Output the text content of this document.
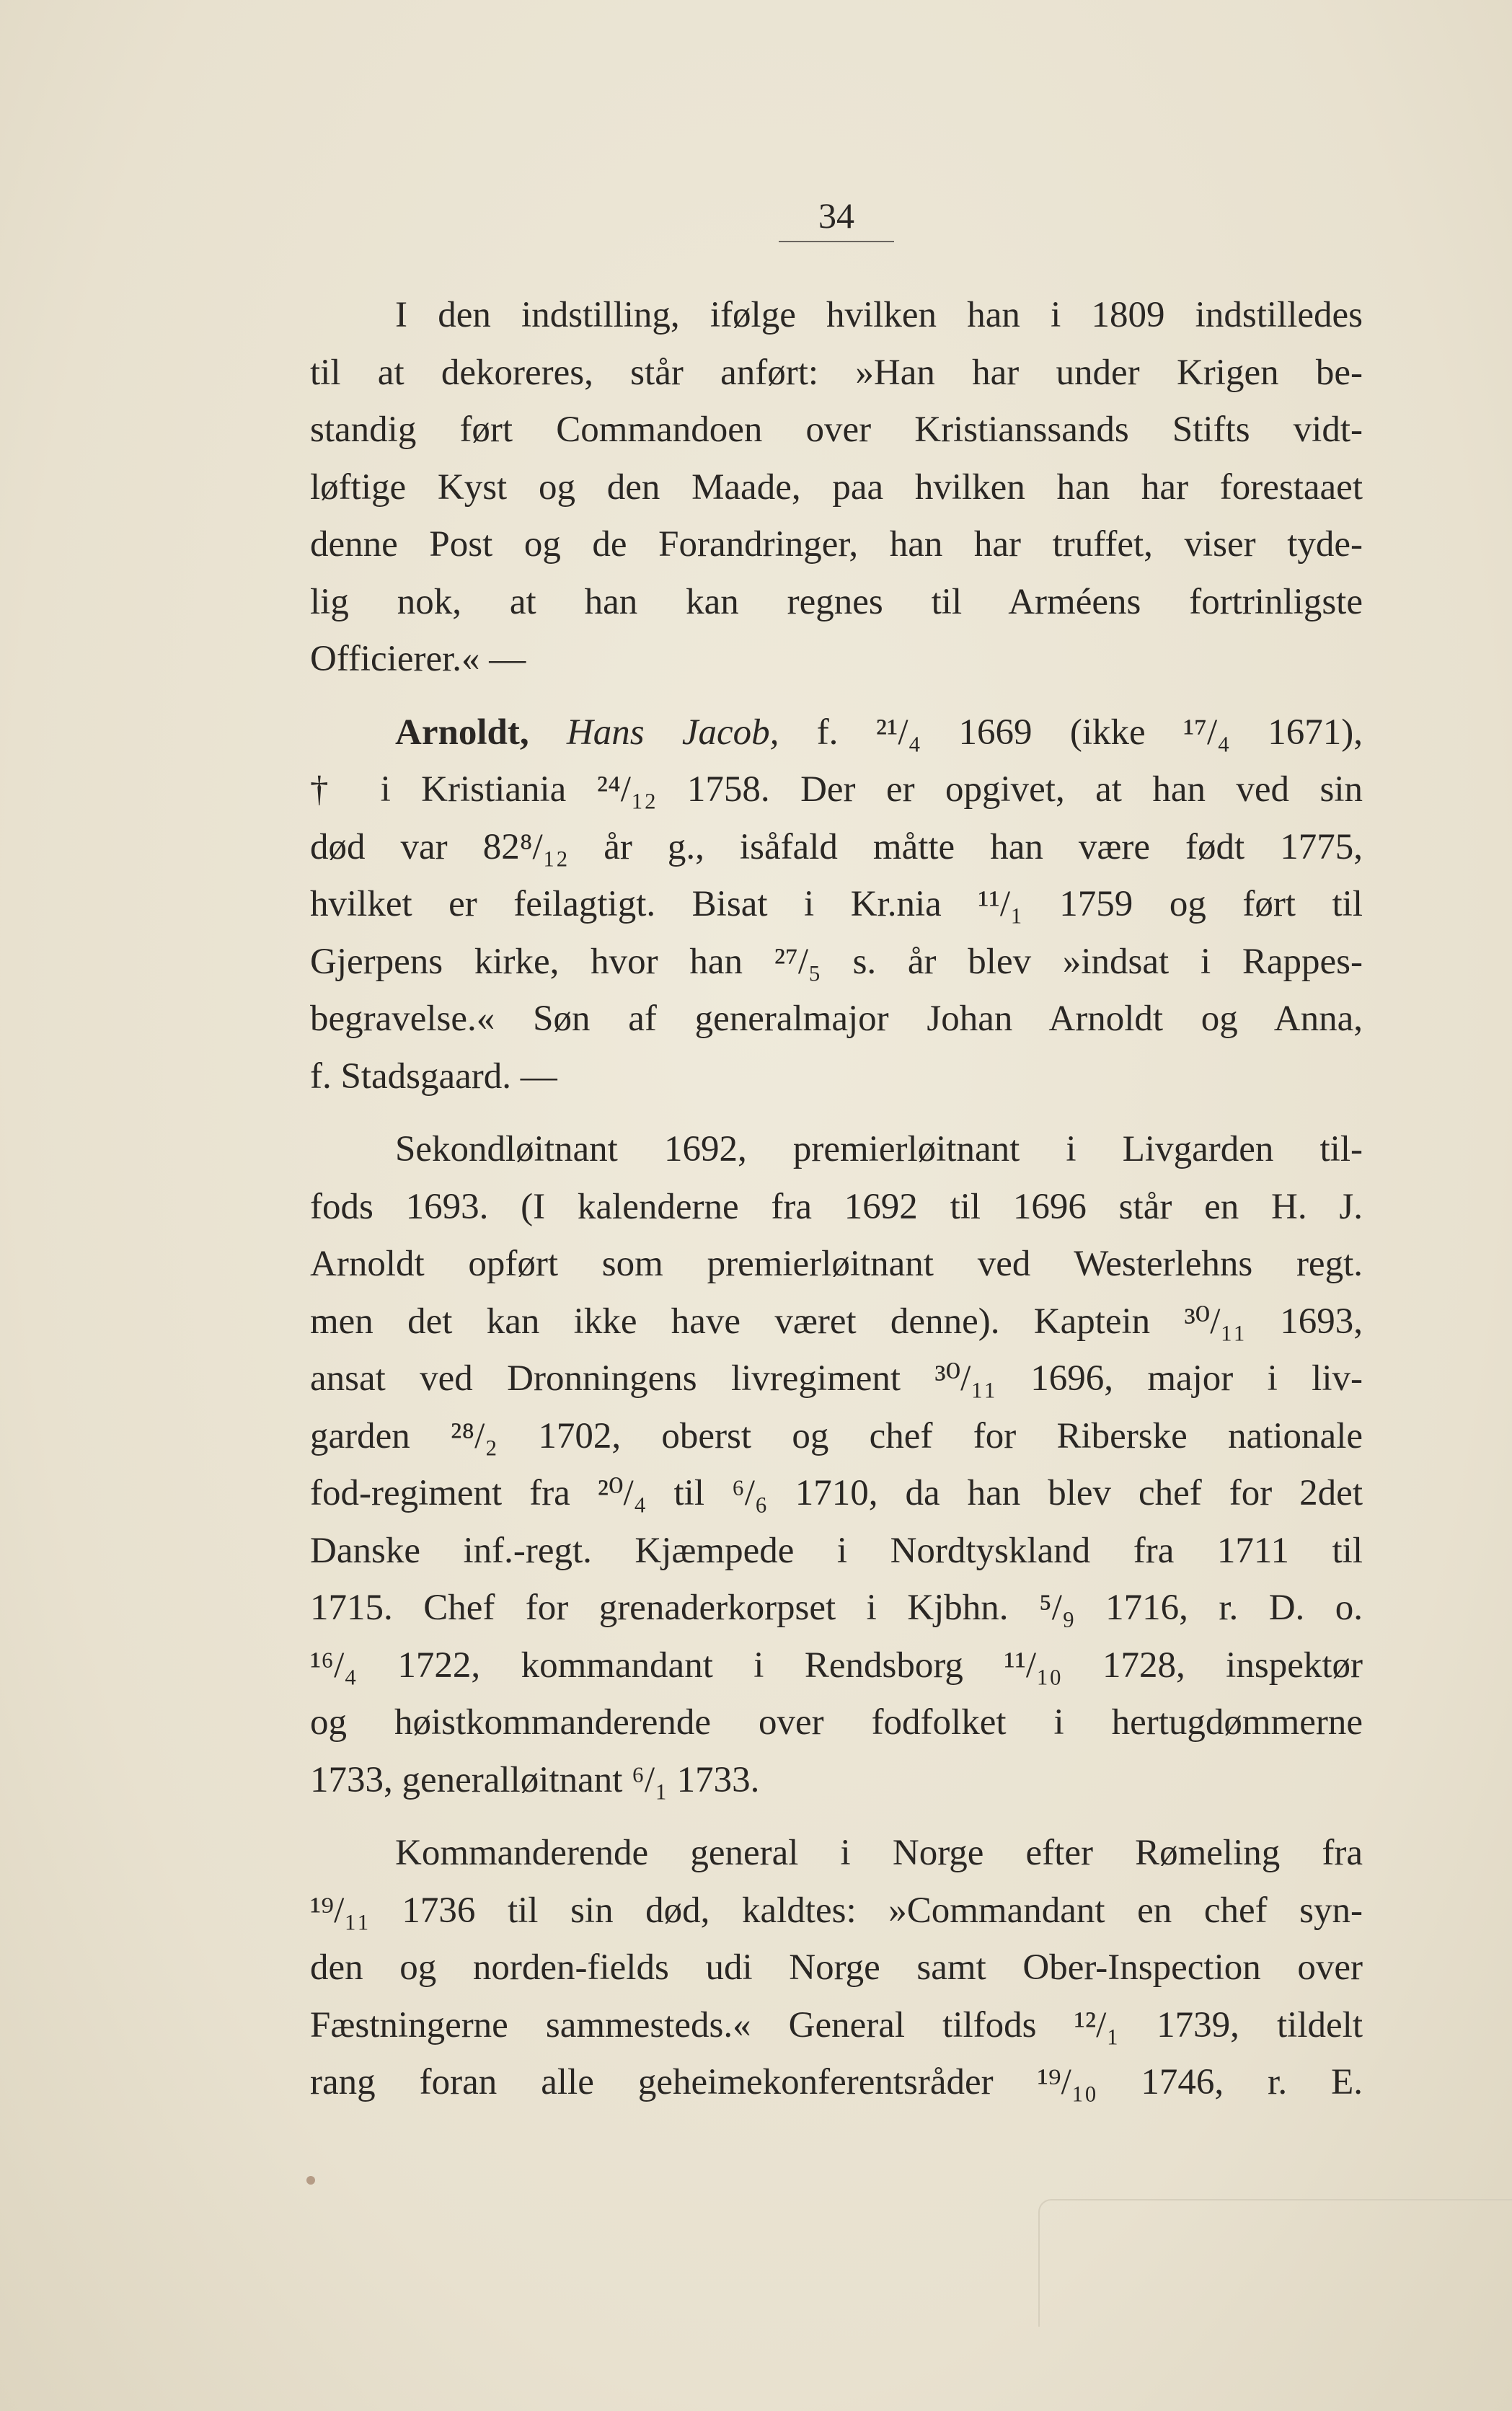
34
I den indstilling, ifølge hvilken han i 1809 indstilledes
til at dekoreres, står anført: »Han har under Krigen be-
standig ført Commandoen over Kristianssands Stifts vidt-
løftige Kyst og den Maade, paa hvilken han har forestaaet
denne Post og de Forandringer, han har truffet, viser tyde-
lig nok, at han kan regnes til Arméens fortrinligste
Officierer.« —
Arnoldt, Hans Jacob, f. ²¹/₄ 1669 (ikke ¹⁷/₄ 1671),
† i Kristiania ²⁴/₁₂ 1758. Der er opgivet, at han ved sin
død var 82⁸/₁₂ år g., isåfald måtte han være født 1775,
hvilket er feilagtigt. Bisat i Kr.nia ¹¹/₁ 1759 og ført til
Gjerpens kirke, hvor han ²⁷/₅ s. år blev »indsat i Rappes-
begravelse.« Søn af generalmajor Johan Arnoldt og Anna,
f. Stadsgaard. —
Sekondløitnant 1692, premierløitnant i Livgarden til-
fods 1693. (I kalenderne fra 1692 til 1696 står en H. J.
Arnoldt opført som premierløitnant ved Westerlehns regt.
men det kan ikke have været denne). Kaptein ³⁰/₁₁ 1693,
ansat ved Dronningens livregiment ³⁰/₁₁ 1696, major i liv-
garden ²⁸/₂ 1702, oberst og chef for Riberske nationale
fod-regiment fra ²⁰/₄ til ⁶/₆ 1710, da han blev chef for 2det
Danske inf.-regt. Kjæmpede i Nordtyskland fra 1711 til
1715. Chef for grenaderkorpset i Kjbhn. ⁵/₉ 1716, r. D. o.
¹⁶/₄ 1722, kommandant i Rendsborg ¹¹/₁₀ 1728, inspektør
og høistkommanderende over fodfolket i hertugdømmerne
1733, generalløitnant ⁶/₁ 1733.
Kommanderende general i Norge efter Rømeling fra
¹⁹/₁₁ 1736 til sin død, kaldtes: »Commandant en chef syn-
den og norden-fields udi Norge samt Ober-Inspection over
Fæstningerne sammesteds.« General tilfods ¹²/₁ 1739, tildelt
rang foran alle geheimekonferentsråder ¹⁹/₁₀ 1746, r. E.
